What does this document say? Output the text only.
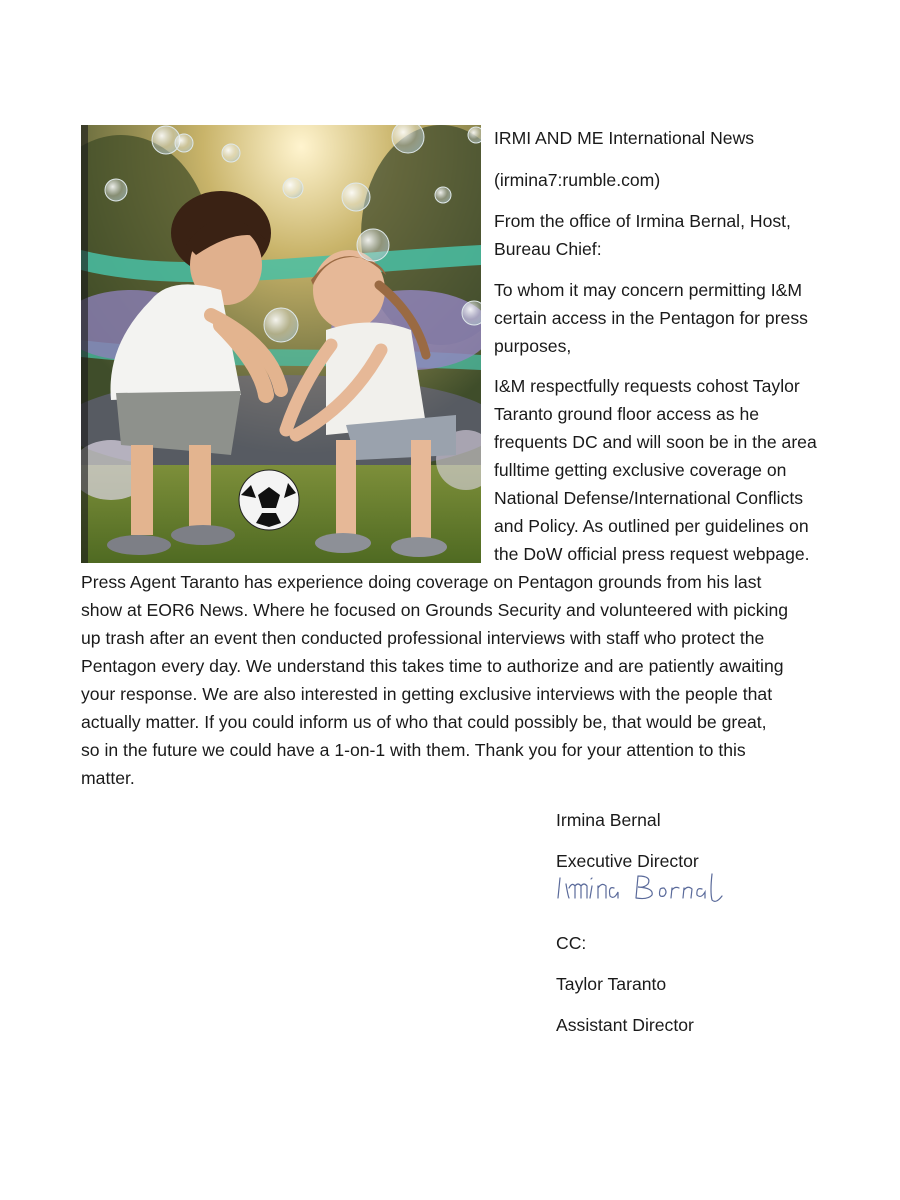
IRMI AND ME International News

(irmina7:rumble.com)

From the office of Irmina Bernal, Host,
Bureau Chief:
To whom it may concern permitting I&M
certain access in the Pentagon for press
purposes,
I&M respectfully requests cohost Taylor
Taranto ground floor access as he
frequents DC and will soon be in the area
fulltime getting exclusive coverage on
National Defense/International Conflicts
and Policy. As outlined per guidelines on
the DoW official press request webpage.
Press Agent Taranto has experience doing coverage on Pentagon grounds from his last
show at EOR6 News. Where he focused on Grounds Security and volunteered with picking
up trash after an event then conducted professional interviews with staff who protect the
Pentagon every day. We understand this takes time to authorize and are patiently awaiting
your response. We are also interested in getting exclusive interviews with the people that
actually matter. If you could inform us of who that could possibly be, that would be great,
so in the future we could have a 1-on-1 with them. Thank you for your attention to this
matter.
Irmina Bernal
Executive Director
CC:
Taylor Taranto
Assistant Director
